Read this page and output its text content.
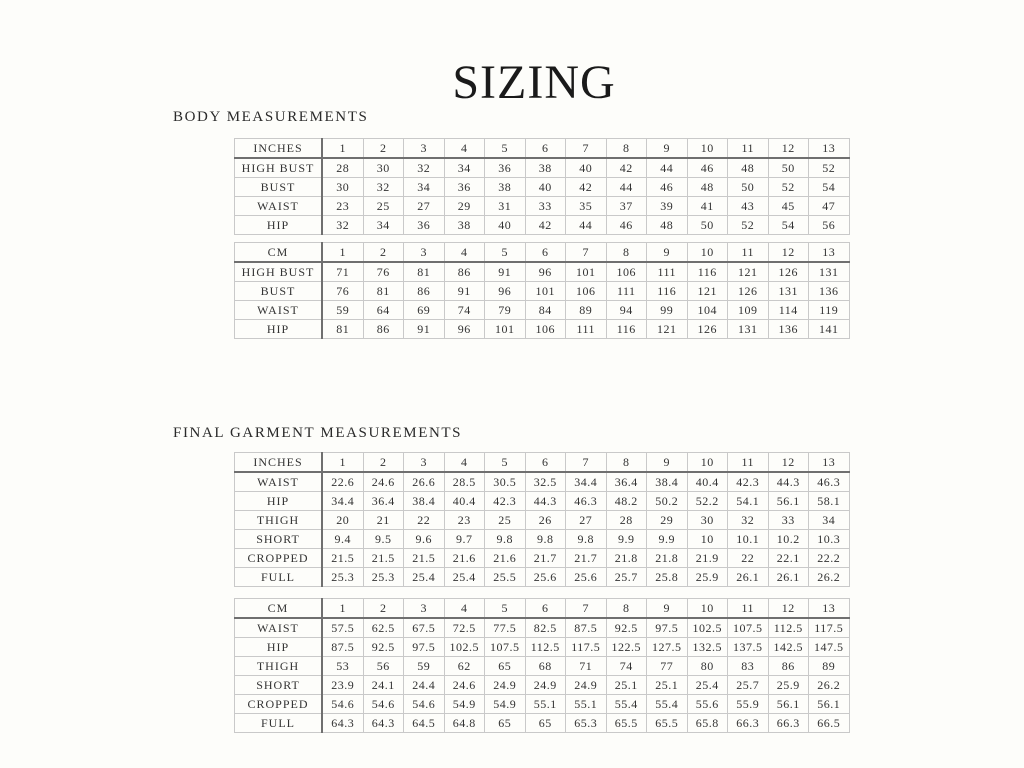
SIZING
BODY MEASUREMENTS
INCHES	1	2	3	4	5	6	7	8	9	10	11	12	13
HIGH BUST	28	30	32	34	36	38	40	42	44	46	48	50	52
BUST	30	32	34	36	38	40	42	44	46	48	50	52	54
WAIST	23	25	27	29	31	33	35	37	39	41	43	45	47
HIP	32	34	36	38	40	42	44	46	48	50	52	54	56
CM	1	2	3	4	5	6	7	8	9	10	11	12	13
HIGH BUST	71	76	81	86	91	96	101	106	111	116	121	126	131
BUST	76	81	86	91	96	101	106	111	116	121	126	131	136
WAIST	59	64	69	74	79	84	89	94	99	104	109	114	119
HIP	81	86	91	96	101	106	111	116	121	126	131	136	141
FINAL GARMENT MEASUREMENTS
INCHES	1	2	3	4	5	6	7	8	9	10	11	12	13
WAIST	22.6	24.6	26.6	28.5	30.5	32.5	34.4	36.4	38.4	40.4	42.3	44.3	46.3
HIP	34.4	36.4	38.4	40.4	42.3	44.3	46.3	48.2	50.2	52.2	54.1	56.1	58.1
THIGH	20	21	22	23	25	26	27	28	29	30	32	33	34
SHORT	9.4	9.5	9.6	9.7	9.8	9.8	9.8	9.9	9.9	10	10.1	10.2	10.3
CROPPED	21.5	21.5	21.5	21.6	21.6	21.7	21.7	21.8	21.8	21.9	22	22.1	22.2
FULL	25.3	25.3	25.4	25.4	25.5	25.6	25.6	25.7	25.8	25.9	26.1	26.1	26.2
CM	1	2	3	4	5	6	7	8	9	10	11	12	13
WAIST	57.5	62.5	67.5	72.5	77.5	82.5	87.5	92.5	97.5	102.5	107.5	112.5	117.5
HIP	87.5	92.5	97.5	102.5	107.5	112.5	117.5	122.5	127.5	132.5	137.5	142.5	147.5
THIGH	53	56	59	62	65	68	71	74	77	80	83	86	89
SHORT	23.9	24.1	24.4	24.6	24.9	24.9	24.9	25.1	25.1	25.4	25.7	25.9	26.2
CROPPED	54.6	54.6	54.6	54.9	54.9	55.1	55.1	55.4	55.4	55.6	55.9	56.1	56.1
FULL	64.3	64.3	64.5	64.8	65	65	65.3	65.5	65.5	65.8	66.3	66.3	66.5
